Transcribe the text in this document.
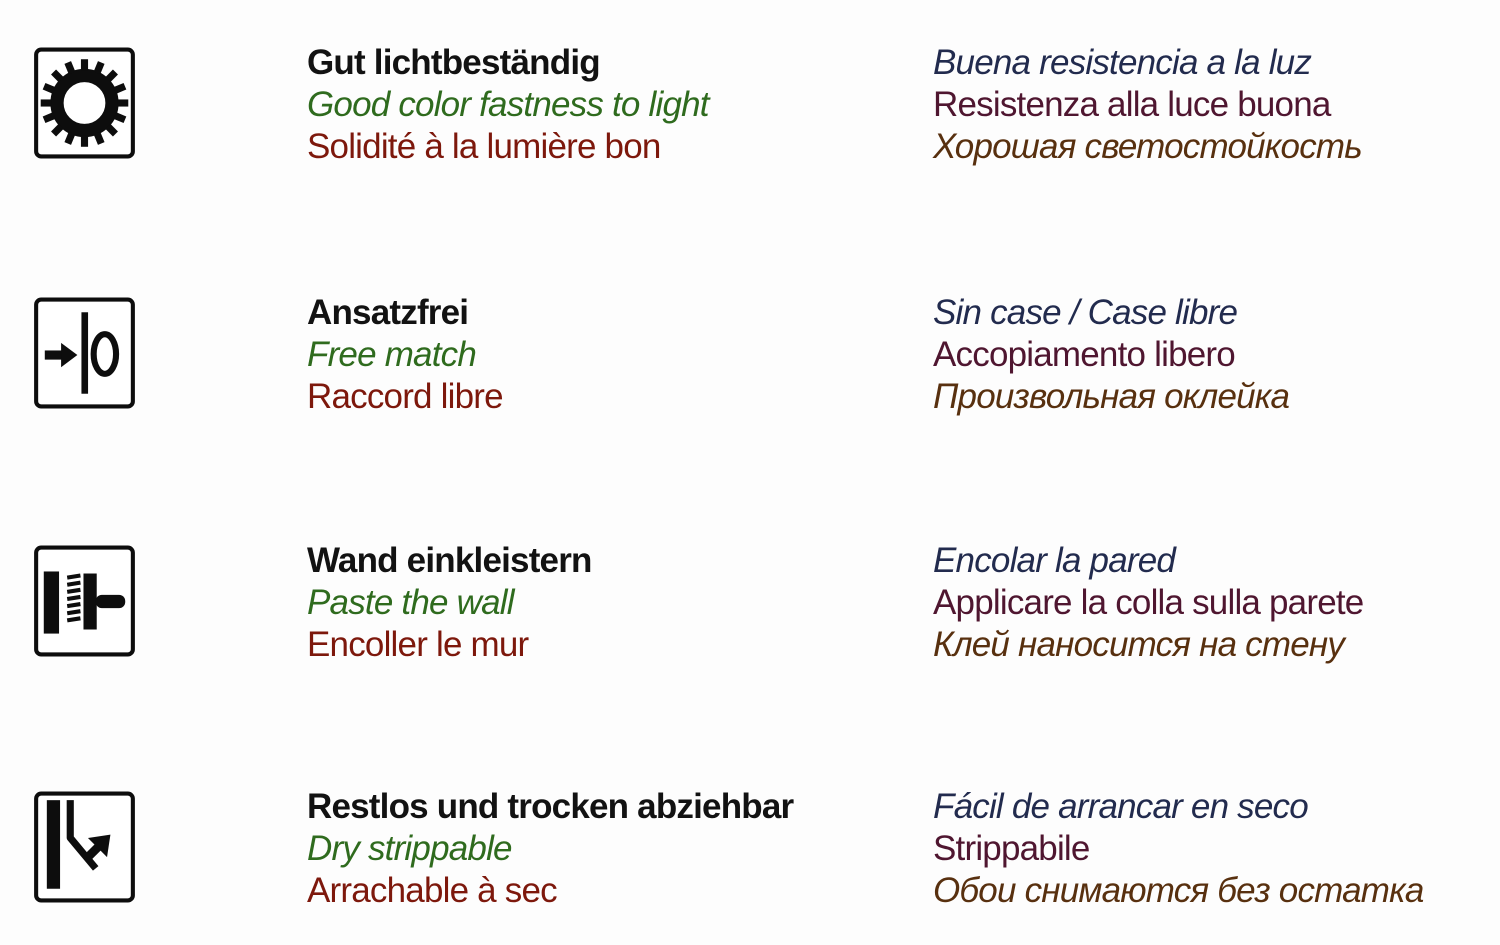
Gut lichtbeständig
Good color fastness to light
Solidité à la lumière bon
Buena resistencia a la luz
Resistenza alla luce buona
Хорошая светостойкость
Ansatzfrei
Free match
Raccord libre
Sin case / Case libre
Accopiamento libero
Произвольная оклейка
Wand einkleistern
Paste the wall
Encoller le mur
Encolar la pared
Applicare la colla sulla parete
Клей наносится на стену
Restlos und trocken abziehbar
Dry strippable
Arrachable à sec
Fácil de arrancar en seco
Strippabile
Обои снимаются без остатка
